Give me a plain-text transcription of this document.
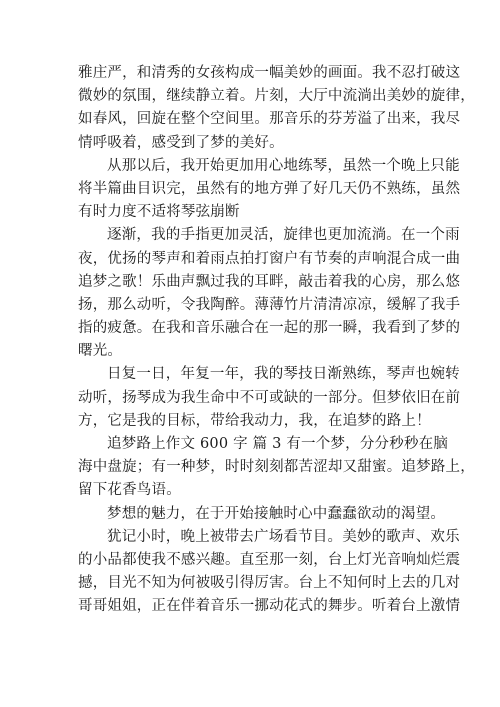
雅庄严，和清秀的女孩构成一幅美妙的画面。我不忍打破这
微妙的氛围，继续静立着。片刻，大厅中流淌出美妙的旋律，
如春风，回旋在整个空间里。那音乐的芬芳溢了出来，我尽
情呼吸着，感受到了梦的美好。
从那以后，我开始更加用心地练琴，虽然一个晚上只能
将半篇曲目识完，虽然有的地方弹了好几天仍不熟练，虽然
有时力度不适将琴弦崩断
逐渐，我的手指更加灵活，旋律也更加流淌。在一个雨
夜，优扬的琴声和着雨点拍打窗户有节奏的声响混合成一曲
追梦之歌！乐曲声飘过我的耳畔，敲击着我的心房，那么悠
扬，那么动听，令我陶醉。薄薄竹片清清凉凉，缓解了我手
指的疲惫。在我和音乐融合在一起的那一瞬，我看到了梦的
曙光。
日复一日，年复一年，我的琴技日渐熟练，琴声也婉转
动听，扬琴成为我生命中不可或缺的一部分。但梦依旧在前
方，它是我的目标，带给我动力，我，在追梦的路上！
追梦路上作文 600 字 篇 3 有一个梦，分分秒秒在脑
海中盘旋；有一种梦，时时刻刻都苦涩却又甜蜜。追梦路上，
留下花香鸟语。
梦想的魅力，在于开始接触时心中蠢蠢欲动的渴望。
犹记小时，晚上被带去广场看节目。美妙的歌声、欢乐
的小品都使我不感兴趣。直至那一刻，台上灯光音响灿烂震
撼，目光不知为何被吸引得厉害。台上不知何时上去的几对
哥哥姐姐，正在伴着音乐一挪动花式的舞步。听着台上激情
